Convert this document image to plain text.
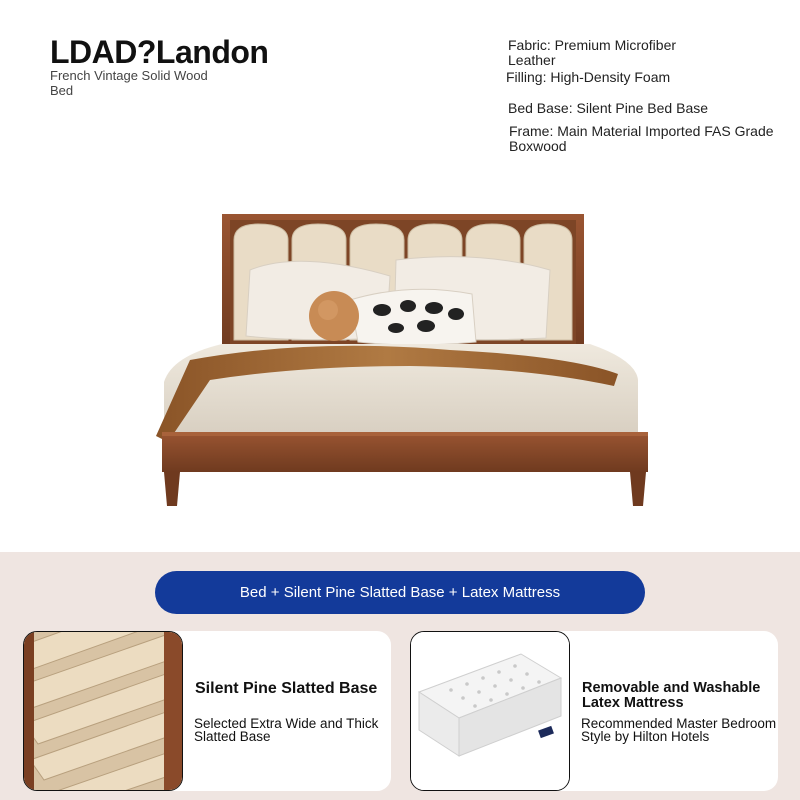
LDAD?Landon
French Vintage Solid Wood Bed
Fabric: Premium Microfiber Leather
Filling: High-Density Foam
Bed Base: Silent Pine Bed Base
Frame: Main Material Imported FAS Grade Boxwood
Bed + Silent Pine Slatted Base + Latex Mattress
Silent Pine Slatted Base
Selected Extra Wide and Thick Slatted Base
Removable and Washable Latex Mattress
Recommended Master Bedroom Style by Hilton Hotels
